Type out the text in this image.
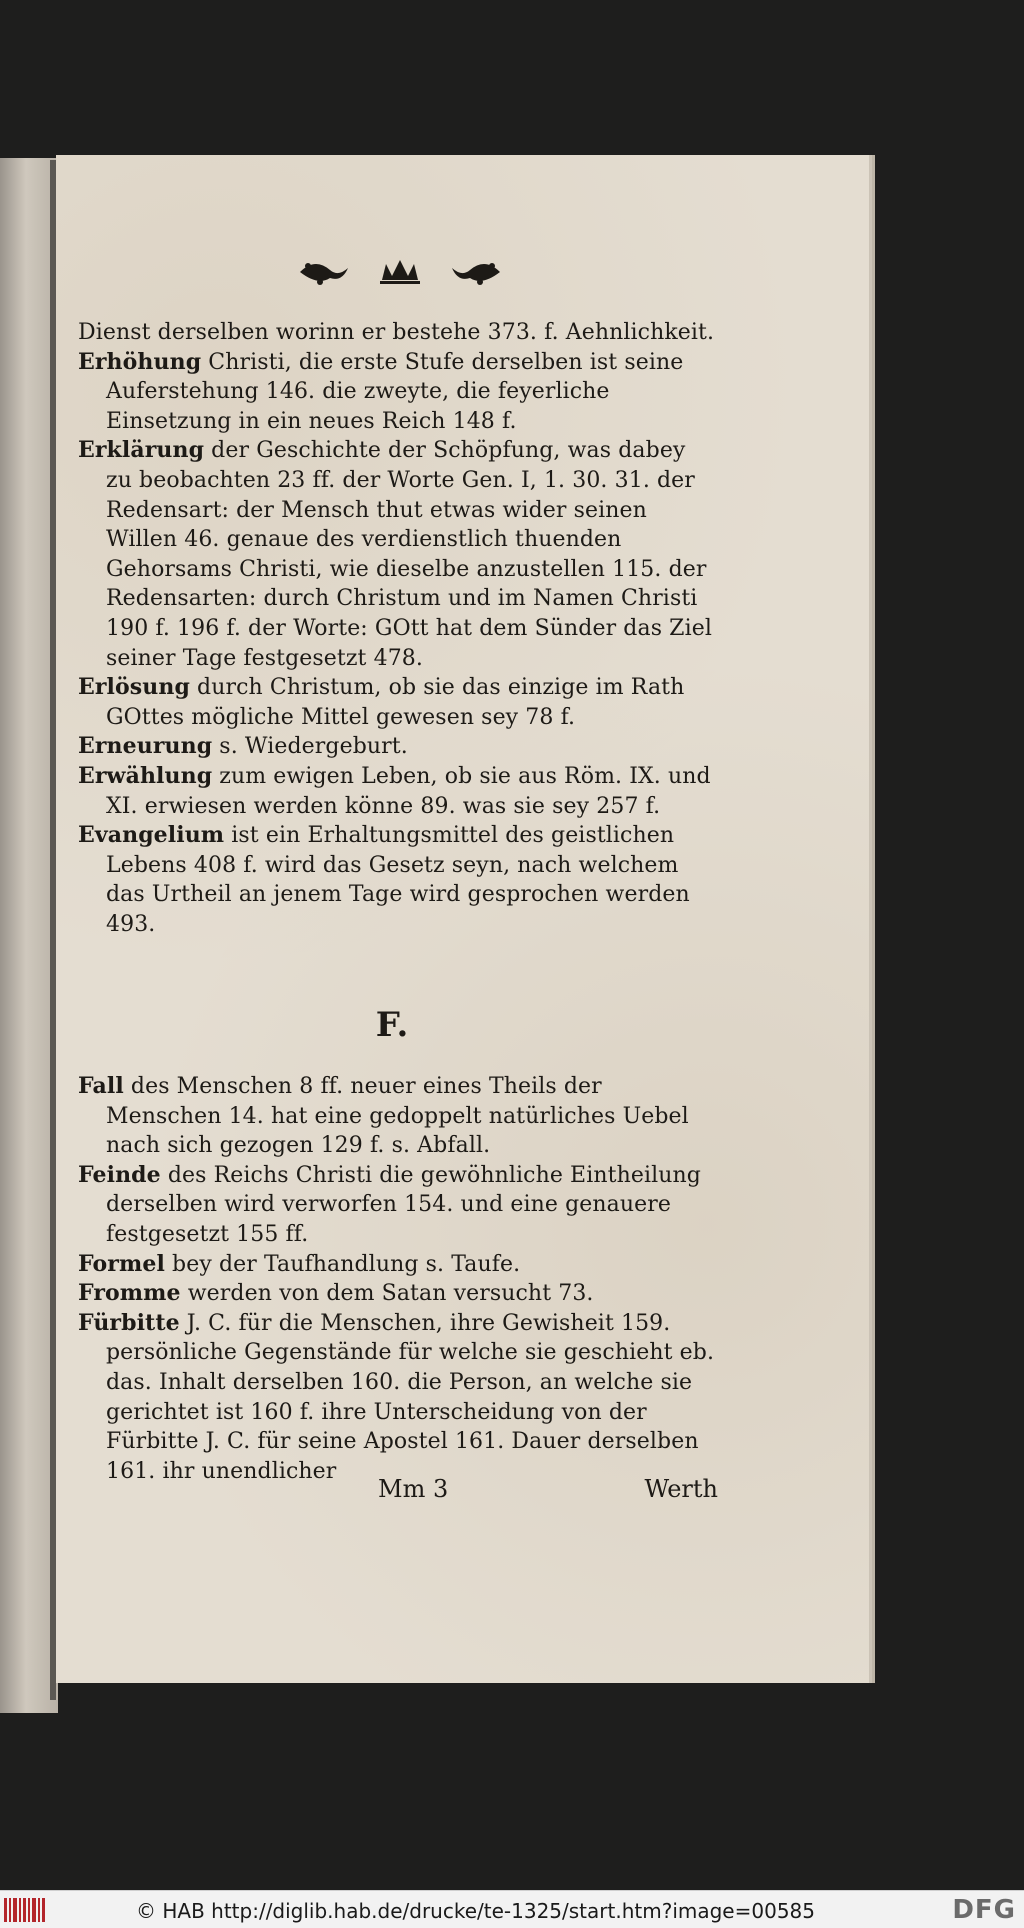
Dienst derselben worinn er bestehe 373. f. Aehnlichkeit.

Erhöhung Christi, die erste Stufe derselben ist seine Auferstehung 146. die zweyte, die feyerliche Einsetzung in ein neues Reich 148 f.

Erklärung der Geschichte der Schöpfung, was dabey zu beobachten 23 ff. der Worte Gen. I, 1. 30. 31. der Redensart: der Mensch thut etwas wider seinen Willen 46. genaue des verdienstlich thuenden Gehorsams Christi, wie dieselbe anzustellen 115. der Redensarten: durch Christum und im Namen Christi 190 f. 196 f. der Worte: GOtt hat dem Sünder das Ziel seiner Tage festgesetzt 478.

Erlösung durch Christum, ob sie das einzige im Rath GOttes mögliche Mittel gewesen sey 78 f.

Erneurung s. Wiedergeburt.

Erwählung zum ewigen Leben, ob sie aus Röm. IX. und XI. erwiesen werden könne 89. was sie sey 257 f.

Evangelium ist ein Erhaltungsmittel des geistlichen Lebens 408 f. wird das Gesetz seyn, nach welchem das Urtheil an jenem Tage wird gesprochen werden 493.

F.

Fall des Menschen 8 ff. neuer eines Theils der Menschen 14. hat eine gedoppelt natürliches Uebel nach sich gezogen 129 f. s. Abfall.

Feinde des Reichs Christi die gewöhnliche Eintheilung derselben wird verworfen 154. und eine genauere festgesetzt 155 ff.

Formel bey der Taufhandlung s. Taufe.

Fromme werden von dem Satan versucht 73.

Fürbitte J. C. für die Menschen, ihre Gewisheit 159. persönliche Gegenstände für welche sie geschieht eb. das. Inhalt derselben 160. die Person, an welche sie gerichtet ist 160 f. ihre Unterscheidung von der Fürbitte J. C. für seine Apostel 161. Dauer derselben 161. ihr unendlicher

Mm 3	Werth
© HAB http://diglib.hab.de/drucke/te-1325/start.htm?image=00585	DFG
